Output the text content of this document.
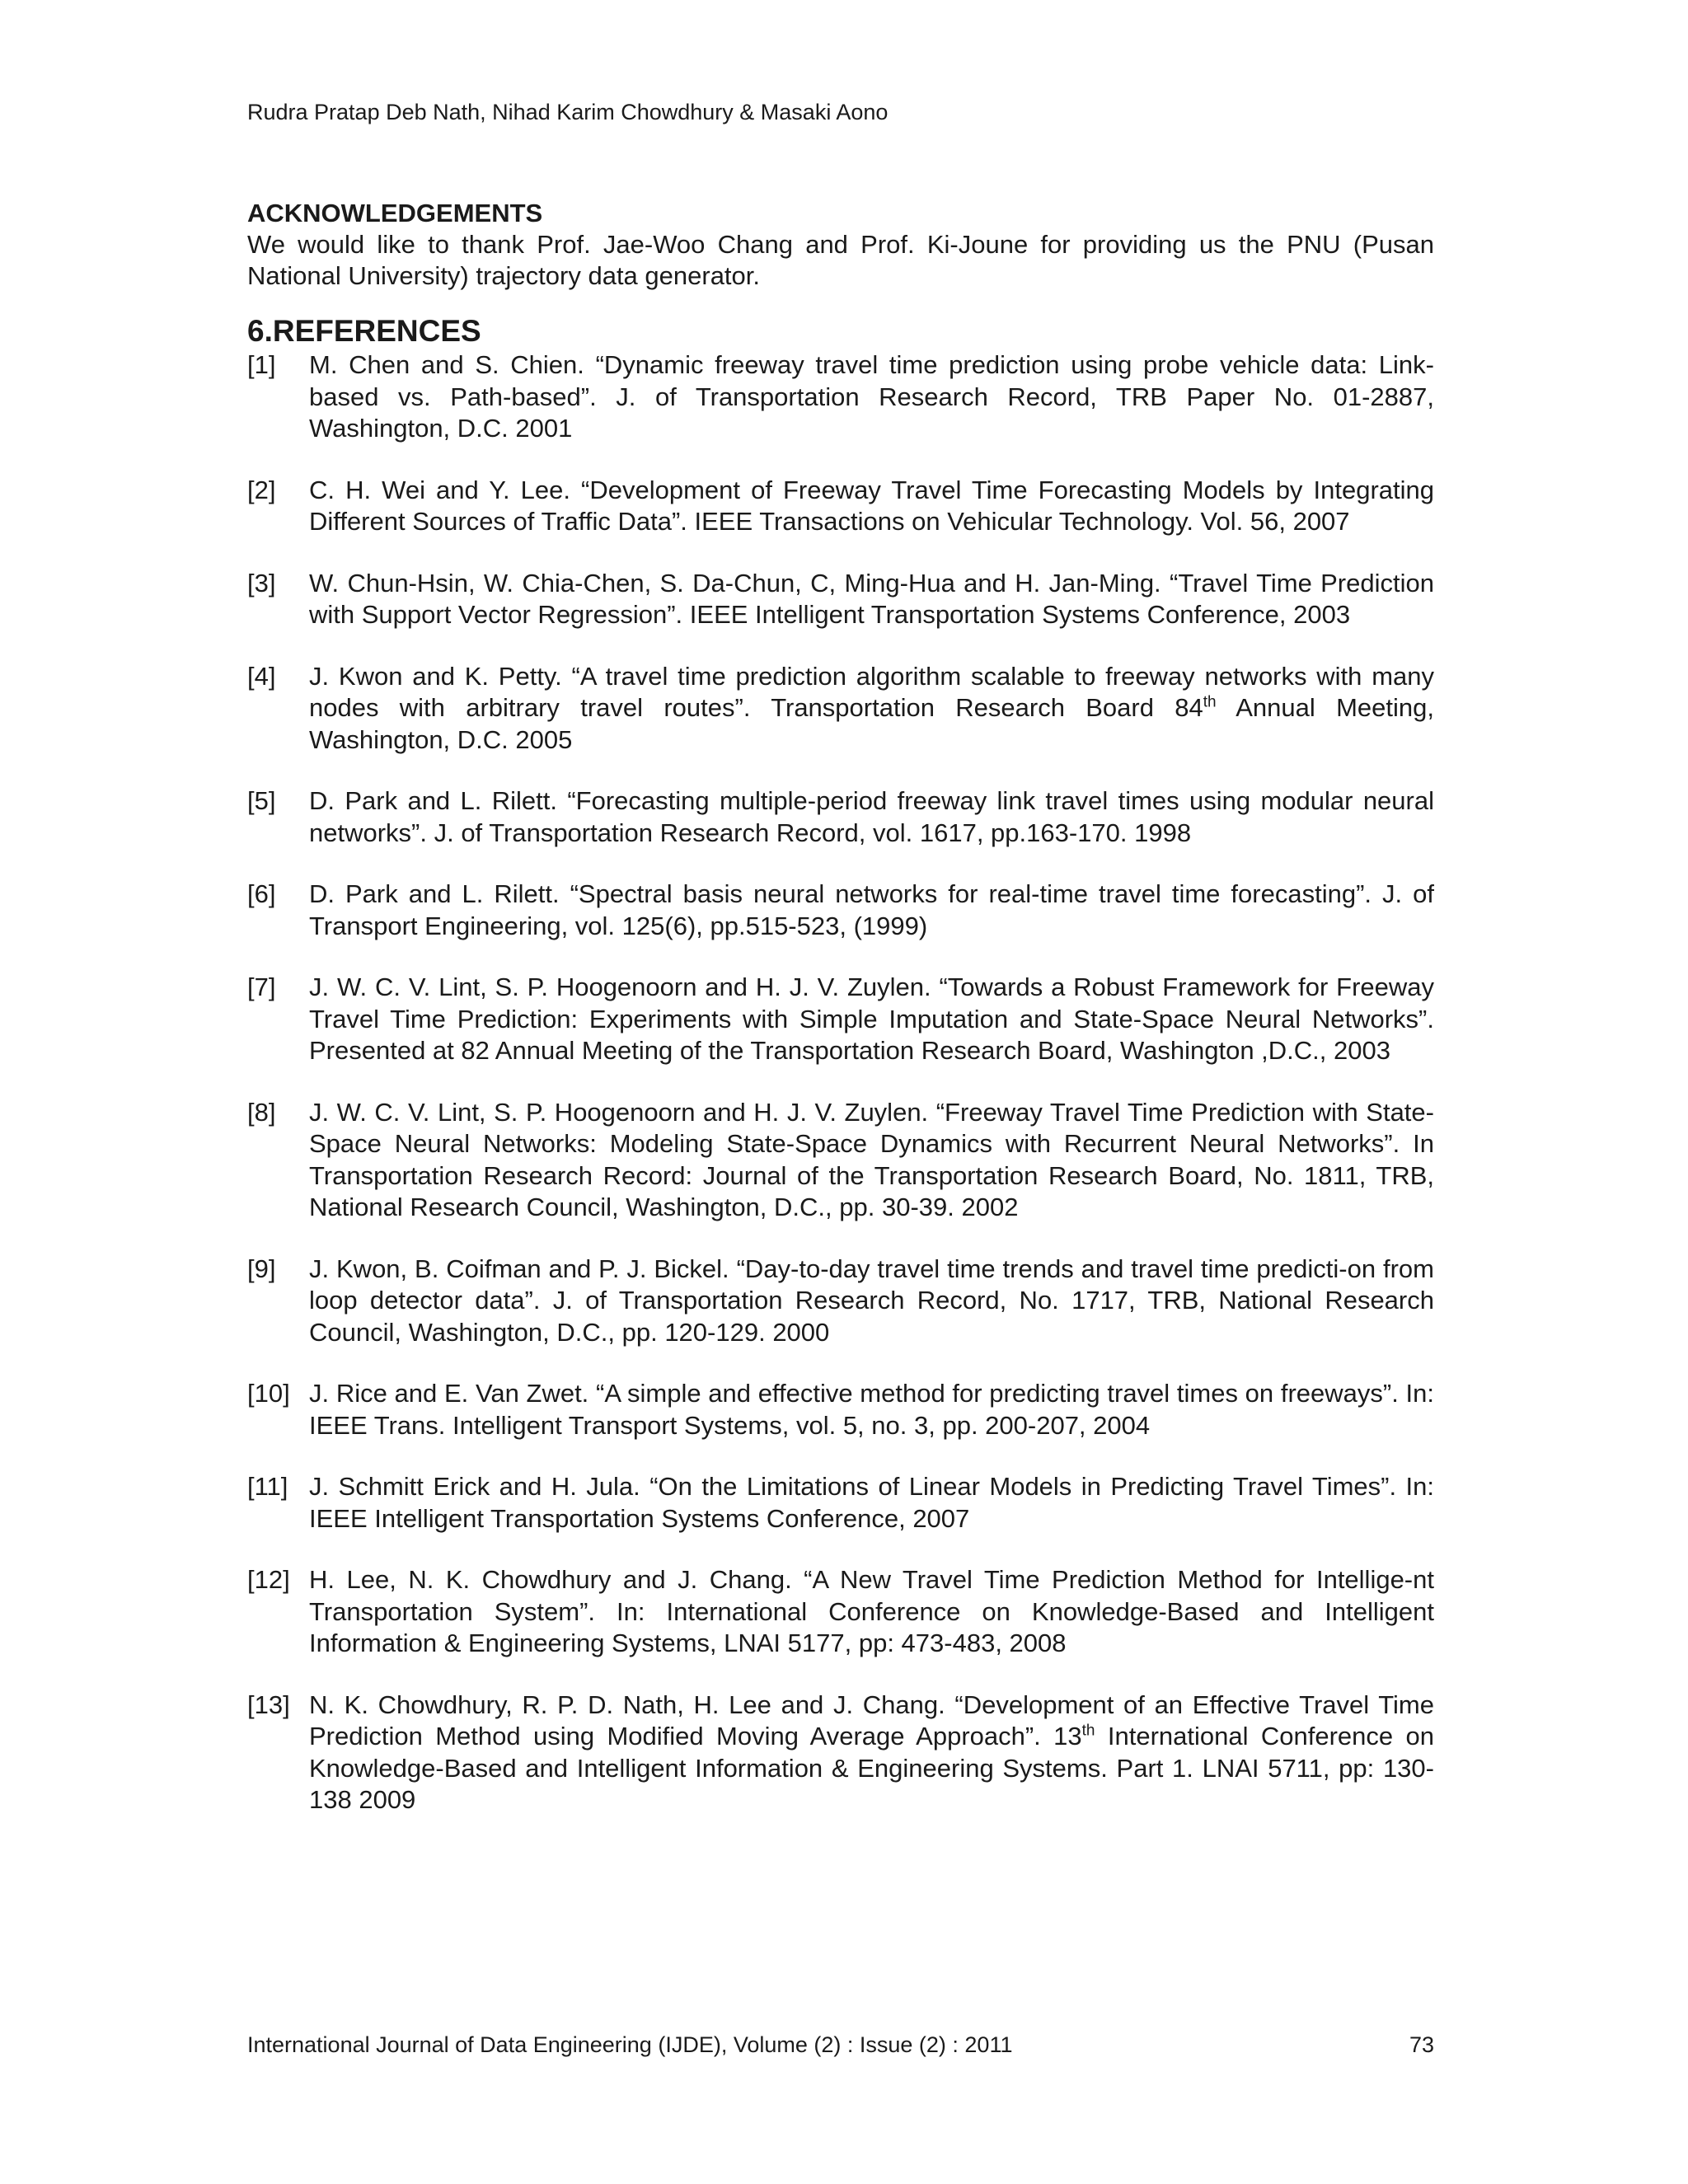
Rudra Pratap Deb Nath, Nihad Karim Chowdhury & Masaki Aono
ACKNOWLEDGEMENTS

We would like to thank Prof. Jae-Woo Chang and Prof. Ki-Joune for providing us the PNU (Pusan National University) trajectory data generator.

6.REFERENCES
[1] M. Chen and S. Chien. “Dynamic freeway travel time prediction using probe vehicle data: Link-based vs. Path-based”. J. of Transportation Research Record, TRB Paper No. 01-2887, Washington, D.C. 2001
[2] C. H. Wei and Y. Lee. “Development of Freeway Travel Time Forecasting Models by Integrating Different Sources of Traffic Data”. IEEE Transactions on Vehicular Technology. Vol. 56, 2007
[3] W. Chun-Hsin, W. Chia-Chen, S. Da-Chun, C, Ming-Hua and H. Jan-Ming. “Travel Time Prediction with Support Vector Regression”. IEEE Intelligent Transportation Systems Conference, 2003
[4] J. Kwon and K. Petty. “A travel time prediction algorithm scalable to freeway networks with many nodes with arbitrary travel routes”. Transportation Research Board 84th Annual Meeting, Washington, D.C. 2005
[5] D. Park and L. Rilett. “Forecasting multiple-period freeway link travel times using modular neural networks”. J. of Transportation Research Record, vol. 1617, pp.163-170. 1998
[6] D. Park and L. Rilett. “Spectral basis neural networks for real-time travel time forecasting”. J. of Transport Engineering, vol. 125(6), pp.515-523, (1999)
[7] J. W. C. V. Lint, S. P. Hoogenoorn and H. J. V. Zuylen. “Towards a Robust Framework for Freeway Travel Time Prediction: Experiments with Simple Imputation and State-Space Neural Networks”. Presented at 82 Annual Meeting of the Transportation Research Board, Washington ,D.C., 2003
[8] J. W. C. V. Lint, S. P. Hoogenoorn and H. J. V. Zuylen. “Freeway Travel Time Prediction with State-Space Neural Networks: Modeling State-Space Dynamics with Recurrent Neural Networks”. In Transportation Research Record: Journal of the Transportation Research Board, No. 1811, TRB, National Research Council, Washington, D.C., pp. 30-39. 2002
[9] J. Kwon, B. Coifman and P. J. Bickel. “Day-to-day travel time trends and travel time predicti-on from loop detector data”. J. of Transportation Research Record, No. 1717, TRB, National Research Council, Washington, D.C., pp. 120-129. 2000
[10] J. Rice and E. Van Zwet. “A simple and effective method for predicting travel times on freeways”. In: IEEE Trans. Intelligent Transport Systems, vol. 5, no. 3, pp. 200-207, 2004
[11] J. Schmitt Erick and H. Jula. “On the Limitations of Linear Models in Predicting Travel Times”. In: IEEE Intelligent Transportation Systems Conference, 2007
[12] H. Lee, N. K. Chowdhury and J. Chang. “A New Travel Time Prediction Method for Intellige-nt Transportation System”. In: International Conference on Knowledge-Based and Intelligent Information & Engineering Systems, LNAI 5177, pp: 473-483, 2008
[13] N. K. Chowdhury, R. P. D. Nath, H. Lee and J. Chang. “Development of an Effective Travel Time Prediction Method using Modified Moving Average Approach”. 13th International Conference on Knowledge-Based and Intelligent Information & Engineering Systems. Part 1. LNAI 5711, pp: 130-138 2009
International Journal of Data Engineering (IJDE), Volume (2) : Issue (2) : 2011	73
